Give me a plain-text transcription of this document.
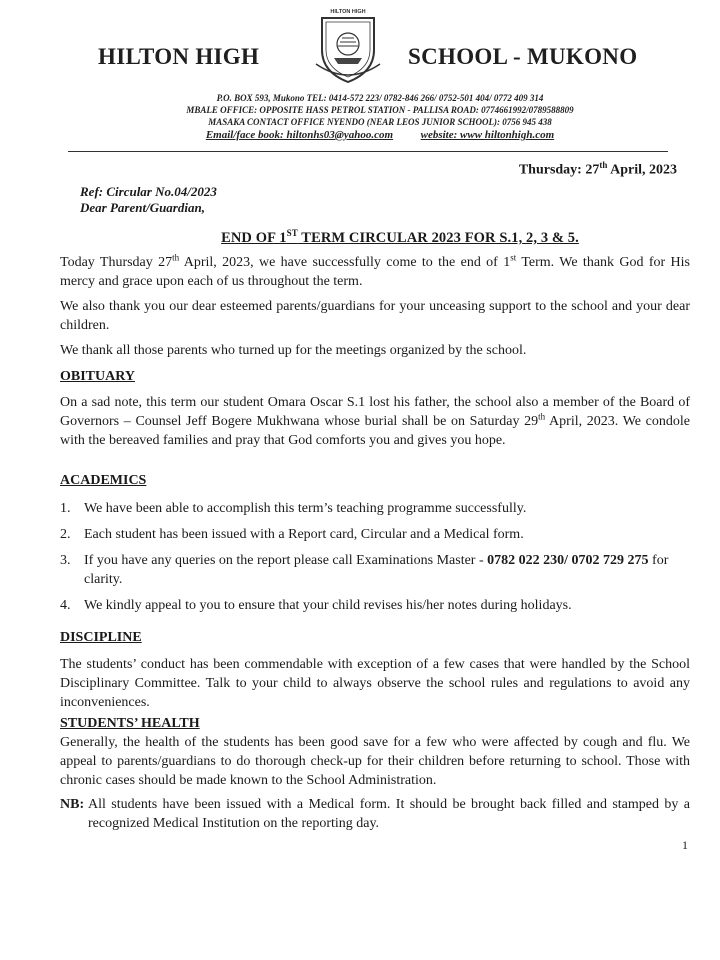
HILTON HIGH
HILTON HIGH
SCHOOL - MUKONO
P.O. BOX 593, Mukono TEL: 0414-572 223/ 0782-846 266/ 0752-501 404/ 0772 409 314
MBALE OFFICE: OPPOSITE HASS PETROL STATION - PALLISA ROAD: 0774661992/0789588809
MASAKA CONTACT OFFICE NYENDO (NEAR LEOS JUNIOR SCHOOL): 0756 945 438
Email/face book: hiltonhs03@yahoo.com	website: www hiltonhigh.com
Thursday: 27th April, 2023
Ref: Circular No.04/2023
Dear Parent/Guardian,
END OF 1ST TERM CIRCULAR 2023 FOR S.1, 2, 3 & 5.
Today Thursday 27th April, 2023, we have successfully come to the end of 1st Term. We thank God for His mercy and grace upon each of us throughout the term.
We also thank you our dear esteemed parents/guardians for your unceasing support to the school and your dear children.
We thank all those parents who turned up for the meetings organized by the school.
OBITUARY
On a sad note, this term our student Omara Oscar S.1 lost his father, the school also a member of the Board of Governors – Counsel Jeff Bogere Mukhwana whose burial shall be on Saturday 29th April, 2023. We condole with the bereaved families and pray that God comforts you and gives you hope.
ACADEMICS
1. We have been able to accomplish this term’s teaching programme successfully.
2. Each student has been issued with a Report card, Circular and a Medical form.
3. If you have any queries on the report please call Examinations Master - 0782 022 230/ 0702 729 275 for clarity.
4. We kindly appeal to you to ensure that your child revises his/her notes during holidays.
DISCIPLINE
The students’ conduct has been commendable with exception of a few cases that were handled by the School Disciplinary Committee. Talk to your child to always observe the school rules and regulations to avoid any inconveniences.
STUDENTS’ HEALTH
Generally, the health of the students has been good save for a few who were affected by cough and flu. We appeal to parents/guardians to do thorough check-up for their children before returning to school. Those with chronic cases should be made known to the School Administration.
NB: All students have been issued with a Medical form. It should be brought back filled and stamped by a recognized Medical Institution on the reporting day.
1
